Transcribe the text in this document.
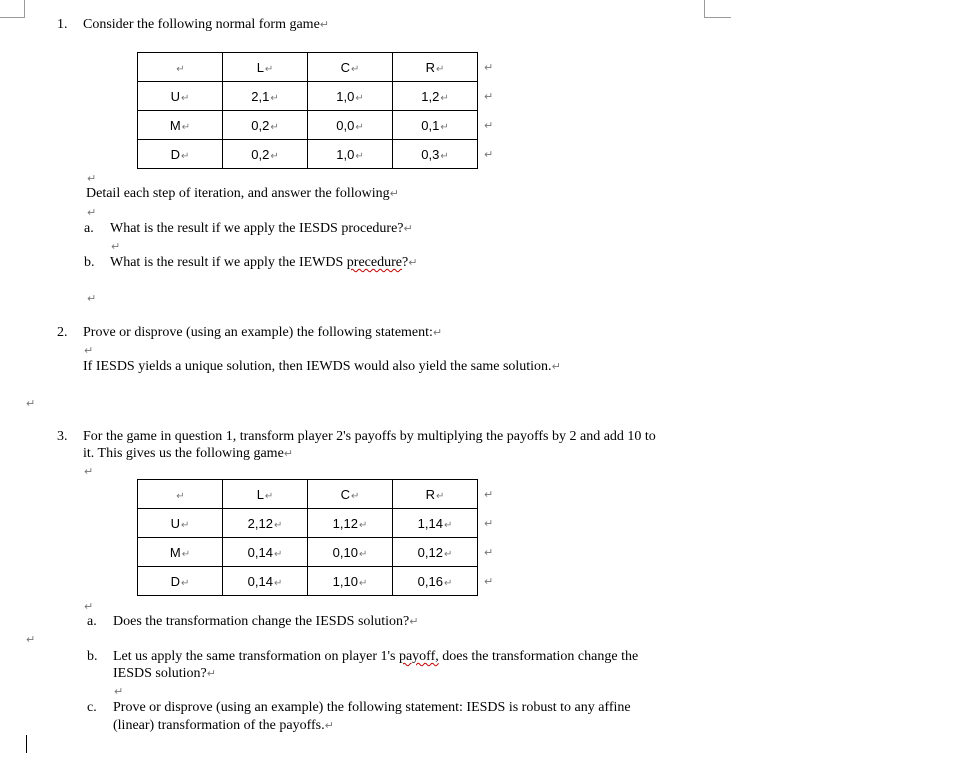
1. Consider the following normal form game↵
↵	L↵	C↵	R↵
U↵	2,1↵	1,0↵	1,2↵
M↵	0,2↵	0,0↵	0,1↵
D↵	0,2↵	1,0↵	0,3↵
↵
↵
↵
↵
↵
Detail each step of iteration, and answer the following↵
↵
a. What is the result if we apply the IESDS procedure?↵
↵
b. What is the result if we apply the IEWDS precedure?↵
↵
2. Prove or disprove (using an example) the following statement:↵
↵
If IESDS yields a unique solution, then IEWDS would also yield the same solution.↵
↵
3. For the game in question 1, transform player 2's payoffs by multiplying the payoffs by 2 and add 10 to
it. This gives us the following game↵
↵
↵	L↵	C↵	R↵
U↵	2,12↵	1,12↵	1,14↵
M↵	0,14↵	0,10↵	0,12↵
D↵	0,14↵	1,10↵	0,16↵
↵
↵
↵
↵
↵
a. Does the transformation change the IESDS solution?↵
↵
b. Let us apply the same transformation on player 1's payoff, does the transformation change the
IESDS solution?↵
↵
c. Prove or disprove (using an example) the following statement: IESDS is robust to any affine
(linear) transformation of the payoffs.↵
